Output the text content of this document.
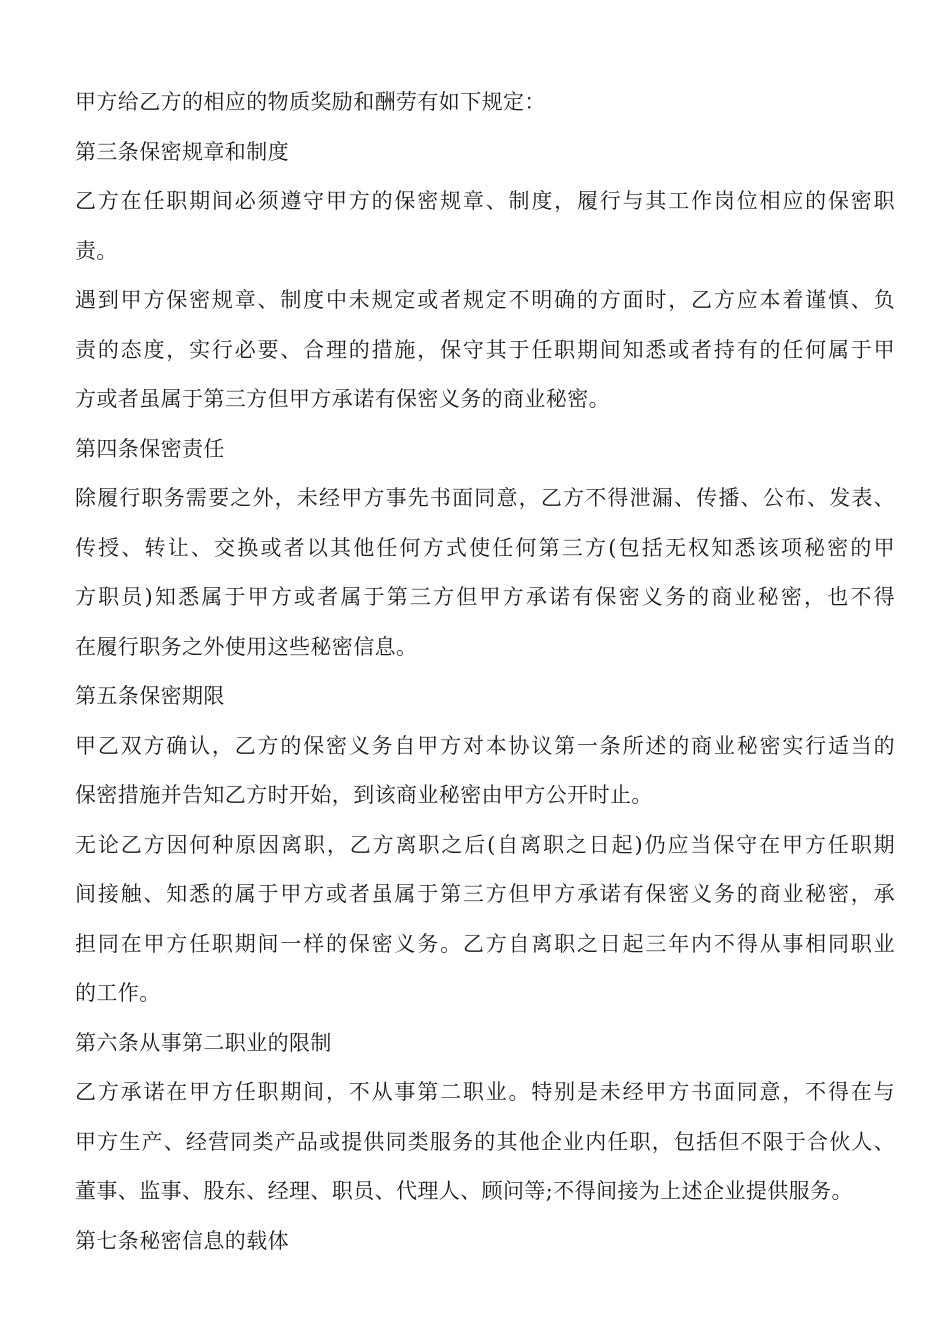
甲方给乙方的相应的物质奖励和酬劳有如下规定：
第三条保密规章和制度
乙方在任职期间必须遵守甲方的保密规章、制度，履行与其工作岗位相应的保密职
责。
遇到甲方保密规章、制度中未规定或者规定不明确的方面时，乙方应本着谨慎、负
责的态度，实行必要、合理的措施，保守其于任职期间知悉或者持有的任何属于甲
方或者虽属于第三方但甲方承诺有保密义务的商业秘密。
第四条保密责任
除履行职务需要之外，未经甲方事先书面同意，乙方不得泄漏、传播、公布、发表、
传授、转让、交换或者以其他任何方式使任何第三方(包括无权知悉该项秘密的甲
方职员)知悉属于甲方或者属于第三方但甲方承诺有保密义务的商业秘密，也不得
在履行职务之外使用这些秘密信息。
第五条保密期限
甲乙双方确认，乙方的保密义务自甲方对本协议第一条所述的商业秘密实行适当的
保密措施并告知乙方时开始，到该商业秘密由甲方公开时止。
无论乙方因何种原因离职，乙方离职之后(自离职之日起)仍应当保守在甲方任职期
间接触、知悉的属于甲方或者虽属于第三方但甲方承诺有保密义务的商业秘密，承
担同在甲方任职期间一样的保密义务。乙方自离职之日起三年内不得从事相同职业
的工作。
第六条从事第二职业的限制
乙方承诺在甲方任职期间，不从事第二职业。特别是未经甲方书面同意，不得在与
甲方生产、经营同类产品或提供同类服务的其他企业内任职，包括但不限于合伙人、
董事、监事、股东、经理、职员、代理人、顾问等;不得间接为上述企业提供服务。
第七条秘密信息的载体
